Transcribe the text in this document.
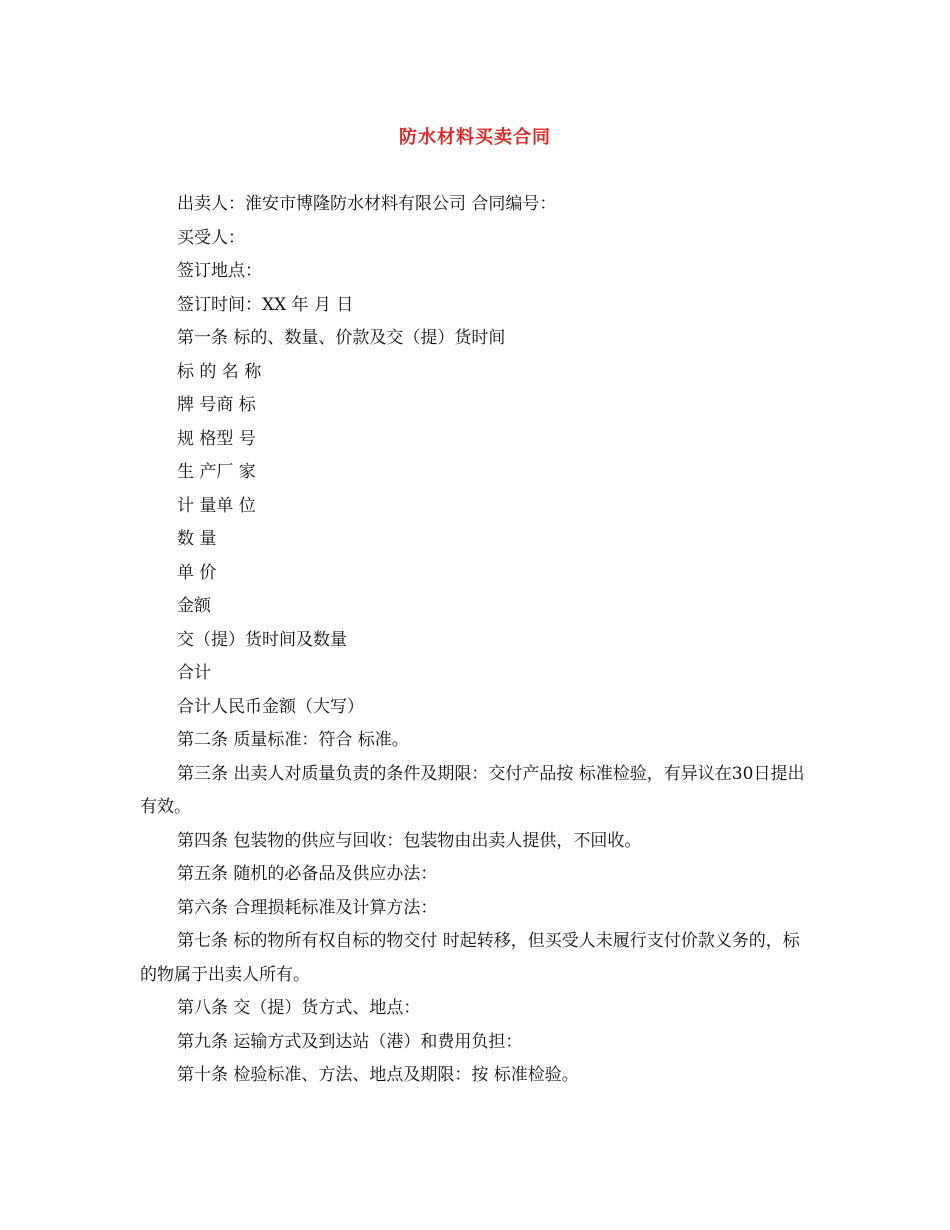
防水材料买卖合同
出卖人：淮安市博隆防水材料有限公司 合同编号：
买受人：
签订地点：
签订时间：XX 年 月 日
第一条 标的、数量、价款及交（提）货时间
标 的 名 称
牌 号商 标
规 格型 号
生 产厂 家
计 量单 位
数 量
单 价
金额
交（提）货时间及数量
合计
合计人民币金额（大写）
第二条 质量标准：符合 标准。
第三条 出卖人对质量负责的条件及期限：交付产品按 标准检验，有异议在30日提出有效。
第四条 包装物的供应与回收：包装物由出卖人提供，不回收。
第五条 随机的必备品及供应办法：
第六条 合理损耗标准及计算方法：
第七条 标的物所有权自标的物交付 时起转移，但买受人未履行支付价款义务的，标的物属于出卖人所有。
第八条 交（提）货方式、地点：
第九条 运输方式及到达站（港）和费用负担：
第十条 检验标准、方法、地点及期限：按 标准检验。
